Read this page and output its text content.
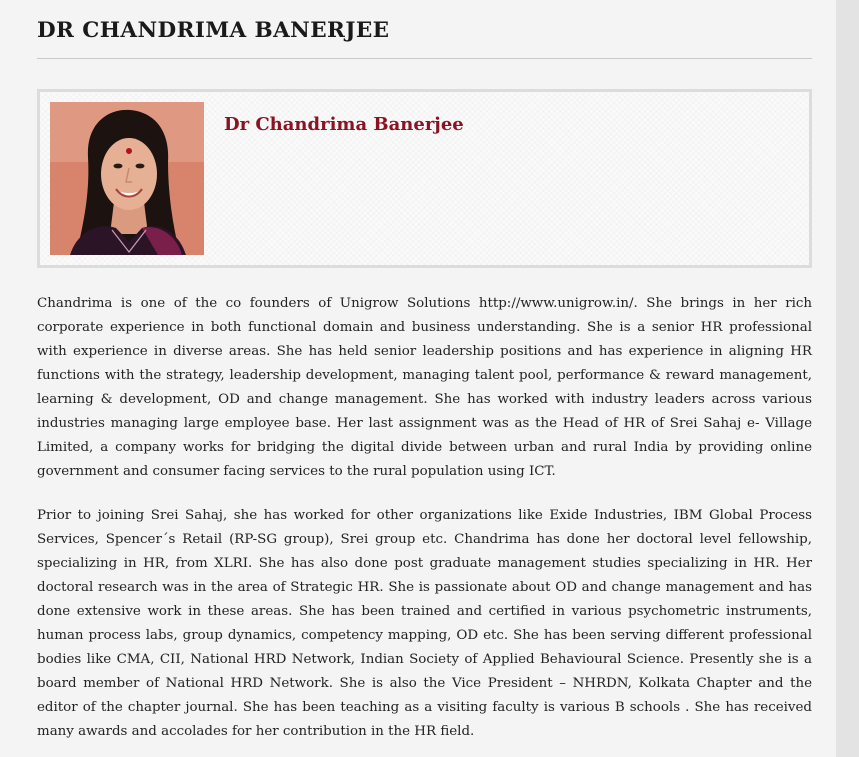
DR CHANDRIMA BANERJEE
Dr Chandrima Banerjee

Chandrima is one of the co founders of Unigrow Solutions http://www.unigrow.in/. She brings in her rich corporate experience in both functional domain and business understanding. She is a senior HR professional with experience in diverse areas. She has held senior leadership positions and has experience in aligning HR functions with the strategy, leadership development, managing talent pool, performance & reward management, learning & development, OD and change management. She has worked with industry leaders across various industries managing large employee base. Her last assignment was as the Head of HR of Srei Sahaj e- Village Limited, a company works for bridging the digital divide between urban and rural India by providing online government and consumer facing services to the rural population using ICT.

Prior to joining Srei Sahaj, she has worked for other organizations like Exide Industries, IBM Global Process Services, Spencer´s Retail (RP-SG group), Srei group etc. Chandrima has done her doctoral level fellowship, specializing in HR, from XLRI. She has also done post graduate management studies specializing in HR. Her doctoral research was in the area of Strategic HR. She is passionate about OD and change management and has done extensive work in these areas. She has been trained and certified in various psychometric instruments, human process labs, group dynamics, competency mapping, OD etc. She has been serving different professional bodies like CMA, CII, National HRD Network, Indian Society of Applied Behavioural Science. Presently she is a board member of National HRD Network. She is also the Vice President – NHRDN, Kolkata Chapter and the editor of the chapter journal. She has been teaching as a visiting faculty is various B schools . She has received many awards and accolades for her contribution in the HR field.
